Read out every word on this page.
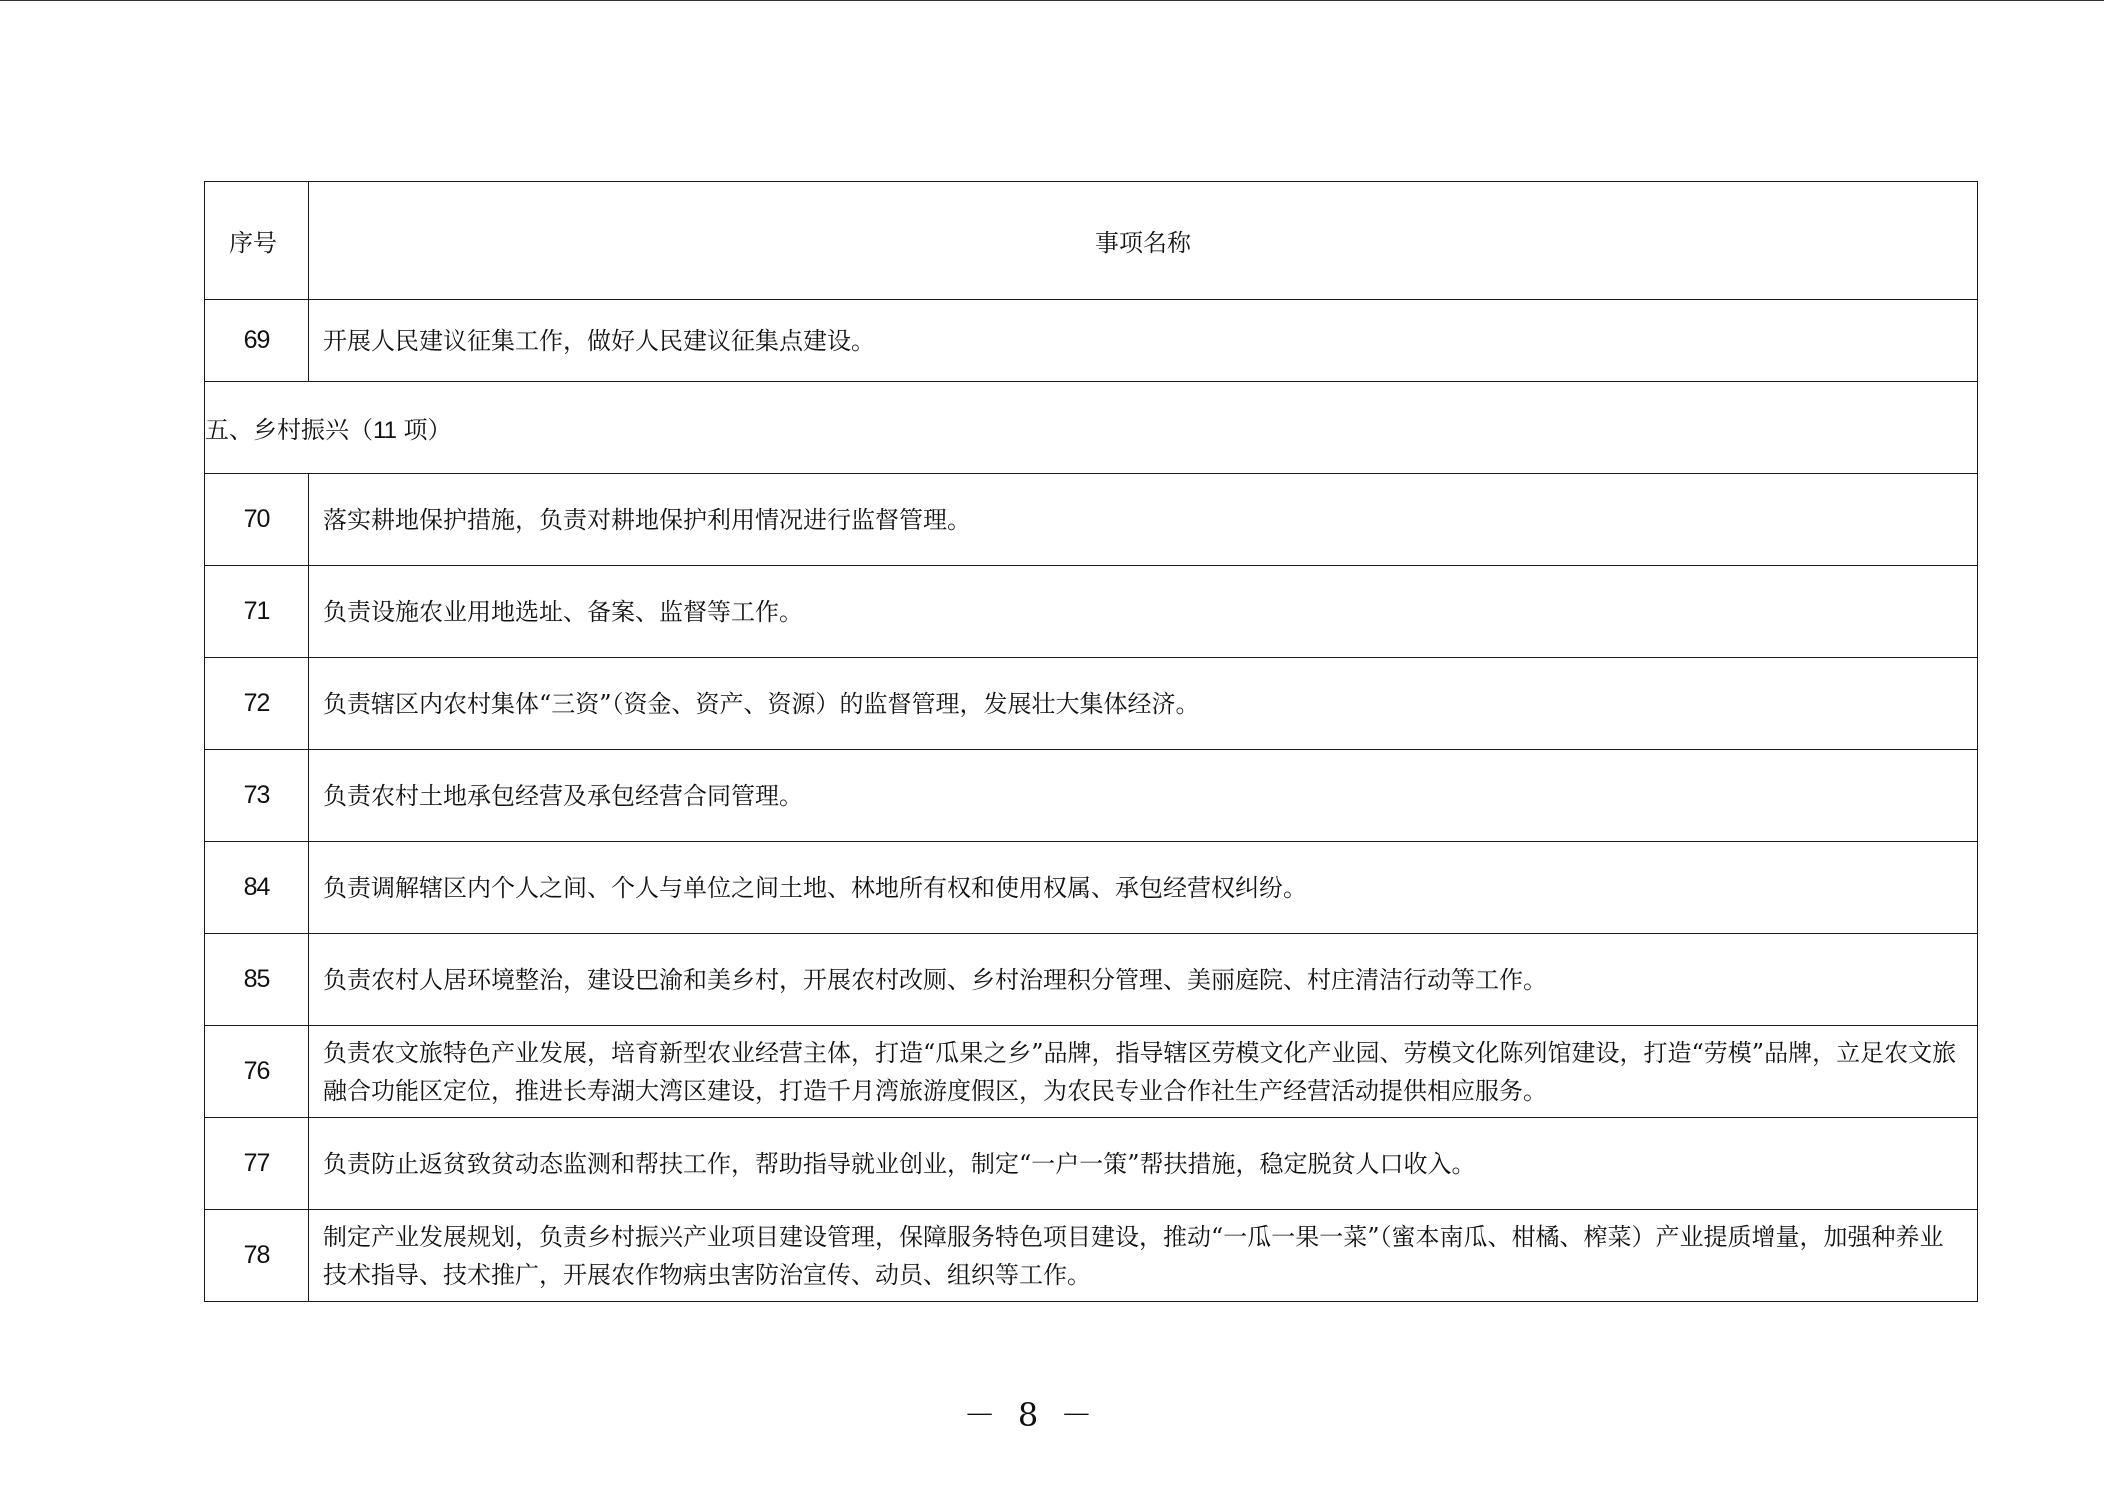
序号	事项名称
69	开展人民建议征集工作，做好人民建议征集点建设。
五、乡村振兴（11 项）	
70	落实耕地保护措施，负责对耕地保护利用情况进行监督管理。
71	负责设施农业用地选址、备案、监督等工作。
72	负责辖区内农村集体“三资”（资金、资产、资源）的监督管理，发展壮大集体经济。
73	负责农村土地承包经营及承包经营合同管理。
84	负责调解辖区内个人之间、个人与单位之间土地、林地所有权和使用权属、承包经营权纠纷。
85	负责农村人居环境整治，建设巴渝和美乡村，开展农村改厕、乡村治理积分管理、美丽庭院、村庄清洁行动等工作。
76	负责农文旅特色产业发展，培育新型农业经营主体，打造“瓜果之乡”品牌，指导辖区劳模文化产业园、劳模文化陈列馆建设，打造“劳模”品牌，立足农文旅融合功能区定位，推进长寿湖大湾区建设，打造千月湾旅游度假区，为农民专业合作社生产经营活动提供相应服务。
77	负责防止返贫致贫动态监测和帮扶工作，帮助指导就业创业，制定“一户一策”帮扶措施，稳定脱贫人口收入。
78	制定产业发展规划，负责乡村振兴产业项目建设管理，保障服务特色项目建设，推动“一瓜一果一菜”（蜜本南瓜、柑橘、榨菜）产业提质增量，加强种养业技术指导、技术推广，开展农作物病虫害防治宣传、动员、组织等工作。
－ 8 －
